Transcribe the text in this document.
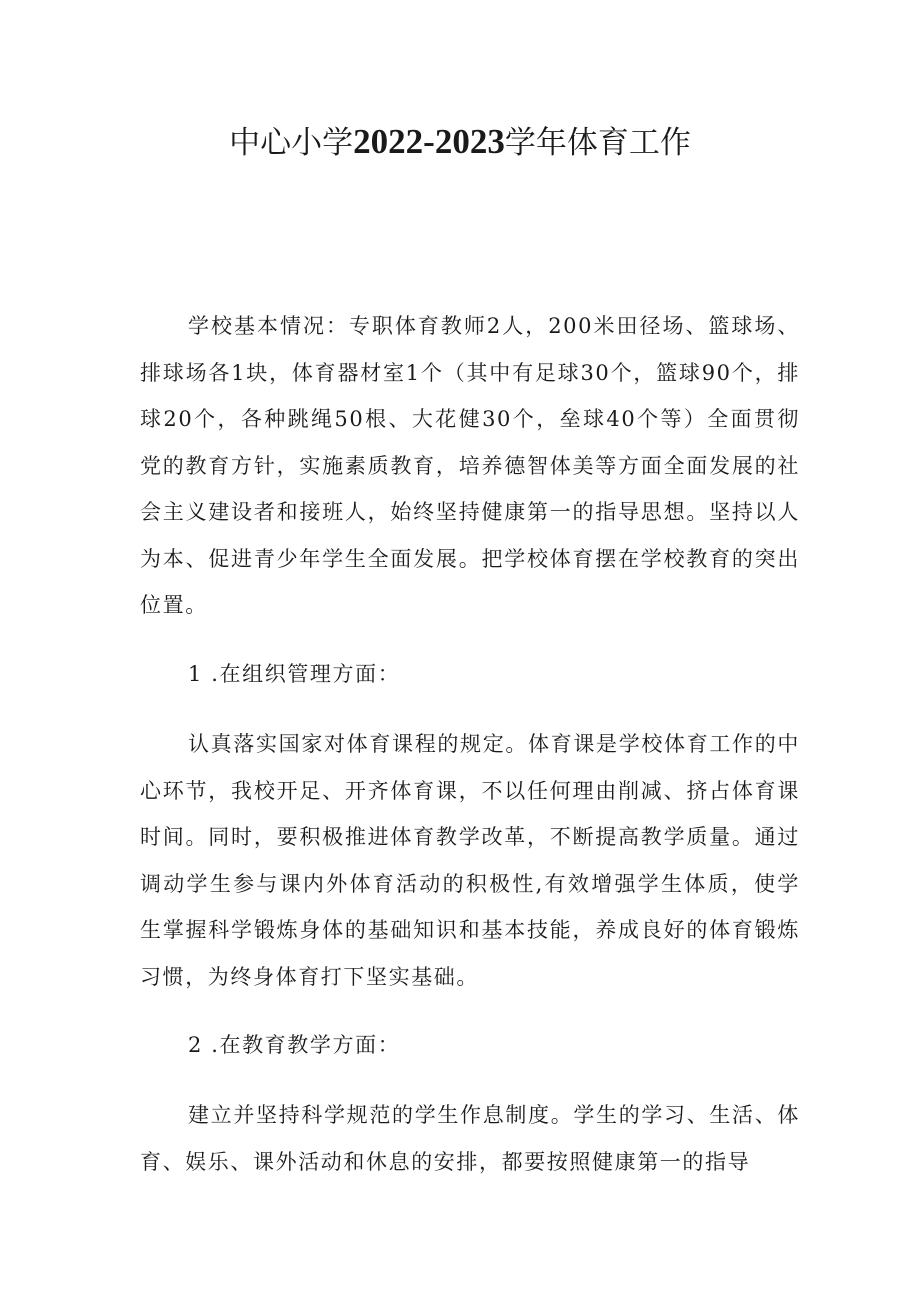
中心小学2022-2023学年体育工作

学校基本情况：专职体育教师2人，200米田径场、篮球场、排球场各1块，体育器材室1个（其中有足球30个，篮球90个，排球20个，各种跳绳50根、大花健30个，垒球40个等）全面贯彻党的教育方针，实施素质教育，培养德智体美等方面全面发展的社会主义建设者和接班人，始终坚持健康第一的指导思想。坚持以人为本、促进青少年学生全面发展。把学校体育摆在学校教育的突出位置。

1 .在组织管理方面：

认真落实国家对体育课程的规定。体育课是学校体育工作的中心环节，我校开足、开齐体育课，不以任何理由削减、挤占体育课时间。同时，要积极推进体育教学改革，不断提高教学质量。通过调动学生参与课内外体育活动的积极性,有效增强学生体质，使学生掌握科学锻炼身体的基础知识和基本技能，养成良好的体育锻炼习惯，为终身体育打下坚实基础。

2 .在教育教学方面：

建立并坚持科学规范的学生作息制度。学生的学习、生活、体育、娱乐、课外活动和休息的安排，都要按照健康第一的指导
